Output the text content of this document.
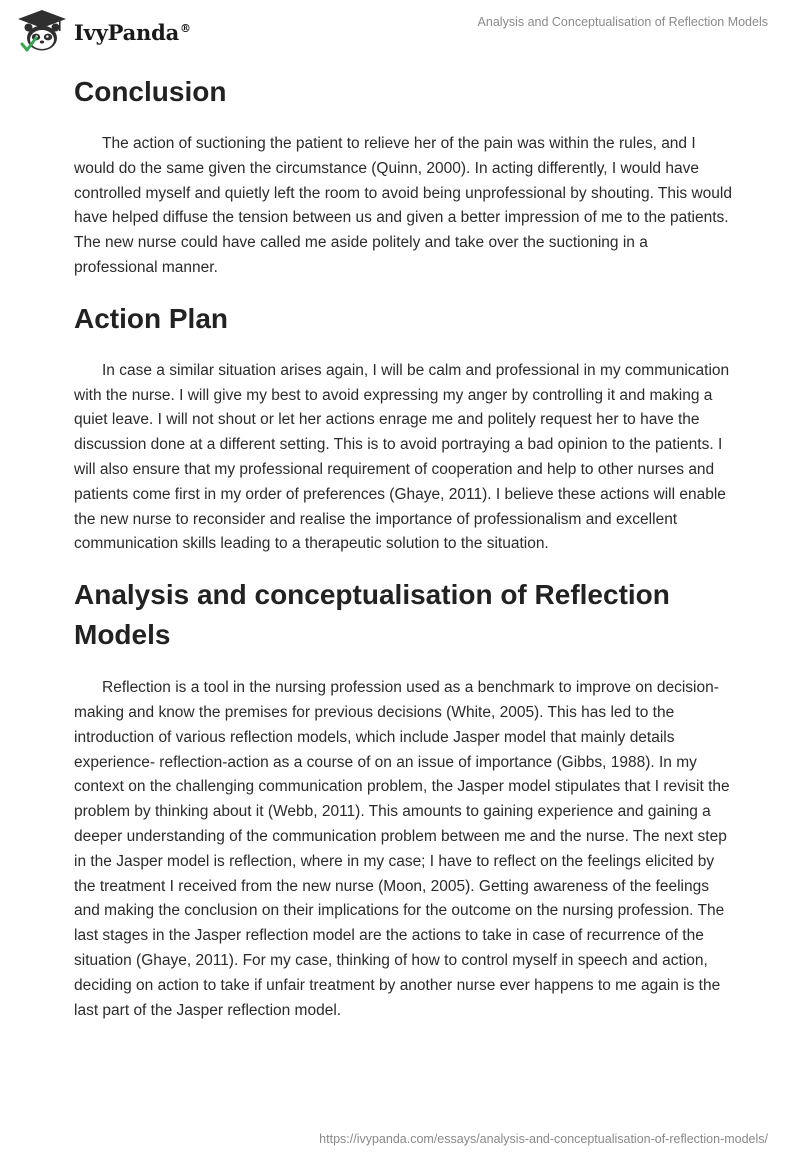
IvyPanda®	Analysis and Conceptualisation of Reflection Models
Conclusion

The action of suctioning the patient to relieve her of the pain was within the rules, and I would do the same given the circumstance (Quinn, 2000). In acting differently, I would have controlled myself and quietly left the room to avoid being unprofessional by shouting. This would have helped diffuse the tension between us and given a better impression of me to the patients. The new nurse could have called me aside politely and take over the suctioning in a professional manner.

Action Plan

In case a similar situation arises again, I will be calm and professional in my communication with the nurse. I will give my best to avoid expressing my anger by controlling it and making a quiet leave. I will not shout or let her actions enrage me and politely request her to have the discussion done at a different setting. This is to avoid portraying a bad opinion to the patients. I will also ensure that my professional requirement of cooperation and help to other nurses and patients come first in my order of preferences (Ghaye, 2011). I believe these actions will enable the new nurse to reconsider and realise the importance of professionalism and excellent communication skills leading to a therapeutic solution to the situation.

Analysis and conceptualisation of Reflection Models

Reflection is a tool in the nursing profession used as a benchmark to improve on decision-making and know the premises for previous decisions (White, 2005). This has led to the introduction of various reflection models, which include Jasper model that mainly details experience- reflection-action as a course of on an issue of importance (Gibbs, 1988). In my context on the challenging communication problem, the Jasper model stipulates that I revisit the problem by thinking about it (Webb, 2011). This amounts to gaining experience and gaining a deeper understanding of the communication problem between me and the nurse. The next step in the Jasper model is reflection, where in my case; I have to reflect on the feelings elicited by the treatment I received from the new nurse (Moon, 2005). Getting awareness of the feelings and making the conclusion on their implications for the outcome on the nursing profession. The last stages in the Jasper reflection model are the actions to take in case of recurrence of the situation (Ghaye, 2011). For my case, thinking of how to control myself in speech and action, deciding on action to take if unfair treatment by another nurse ever happens to me again is the last part of the Jasper reflection model.

https://ivypanda.com/essays/analysis-and-conceptualisation-of-reflection-models/
